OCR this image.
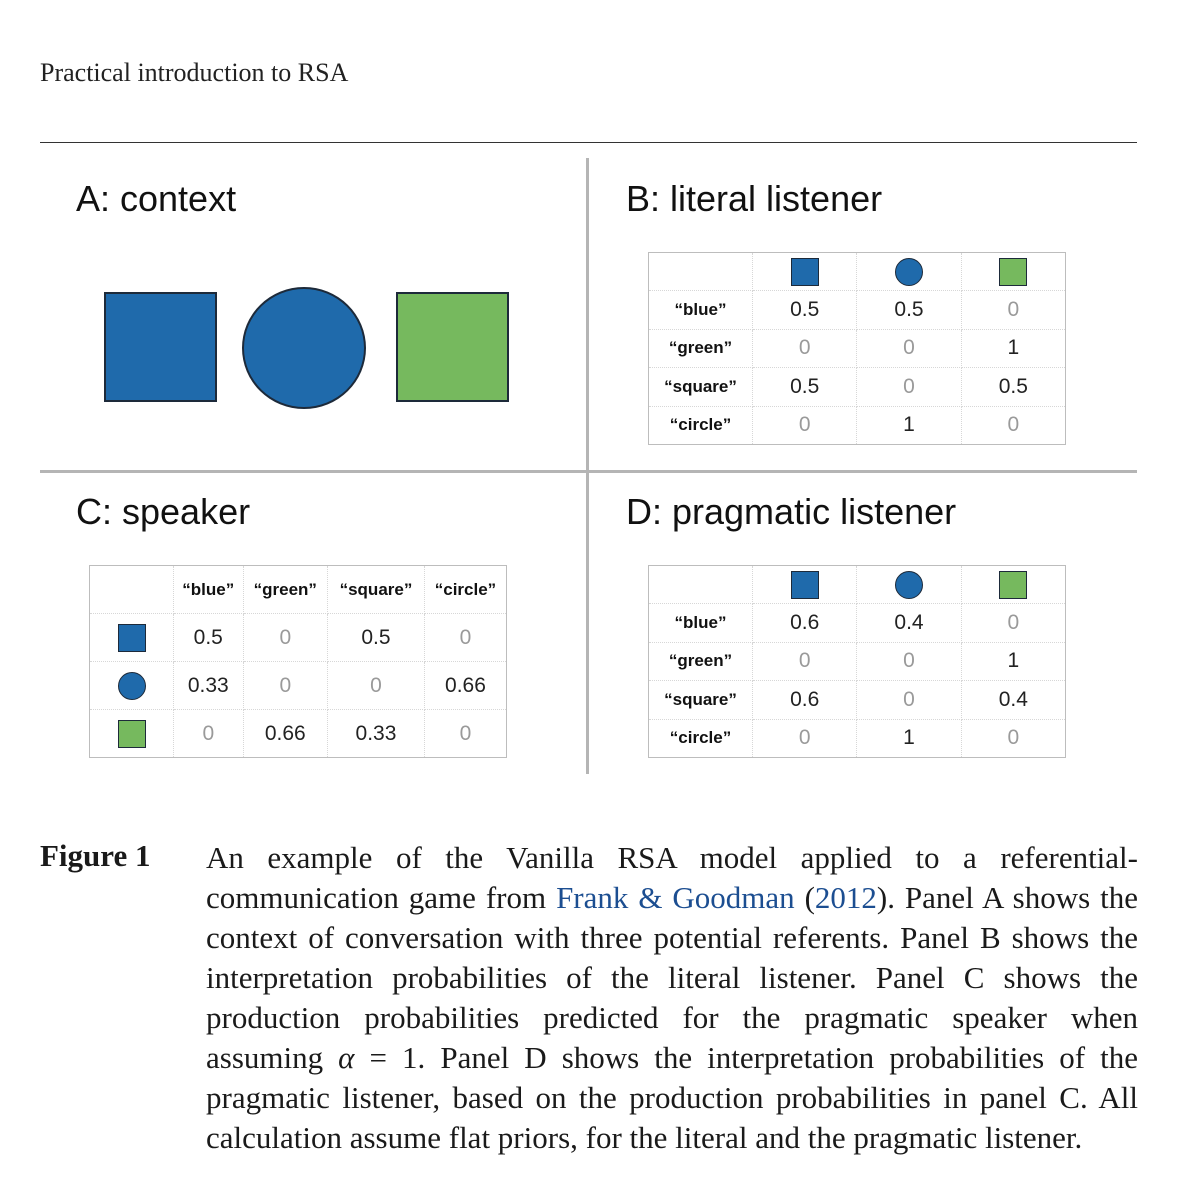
Practical introduction to RSA
A: context	B: literal listener

“blue”	0.5	0.5	0
“green”	0	0	1
“square”	0.5	0	0.5
“circle”	0	1	0
C: speaker
	“blue”	“green”	“square”	“circle”
	0.5	0	0.5	0
	0.33	0	0	0.66
	0	0.66	0.33	0
D: pragmatic listener

“blue”	0.6	0.4	0
“green”	0	0	1
“square”	0.6	0	0.4
“circle”	0	1	0
Figure 1 An example of the Vanilla RSA model applied to a referential-communication game from Frank & Goodman (2012). Panel A shows the context of conversation with three potential referents. Panel B shows the interpretation probabilities of the literal listener. Panel C shows the production probabilities predicted for the pragmatic speaker when assuming α = 1. Panel D shows the interpretation probabilities of the pragmatic listener, based on the production probabilities in panel C. All calculation assume flat priors, for the literal and the pragmatic listener.
